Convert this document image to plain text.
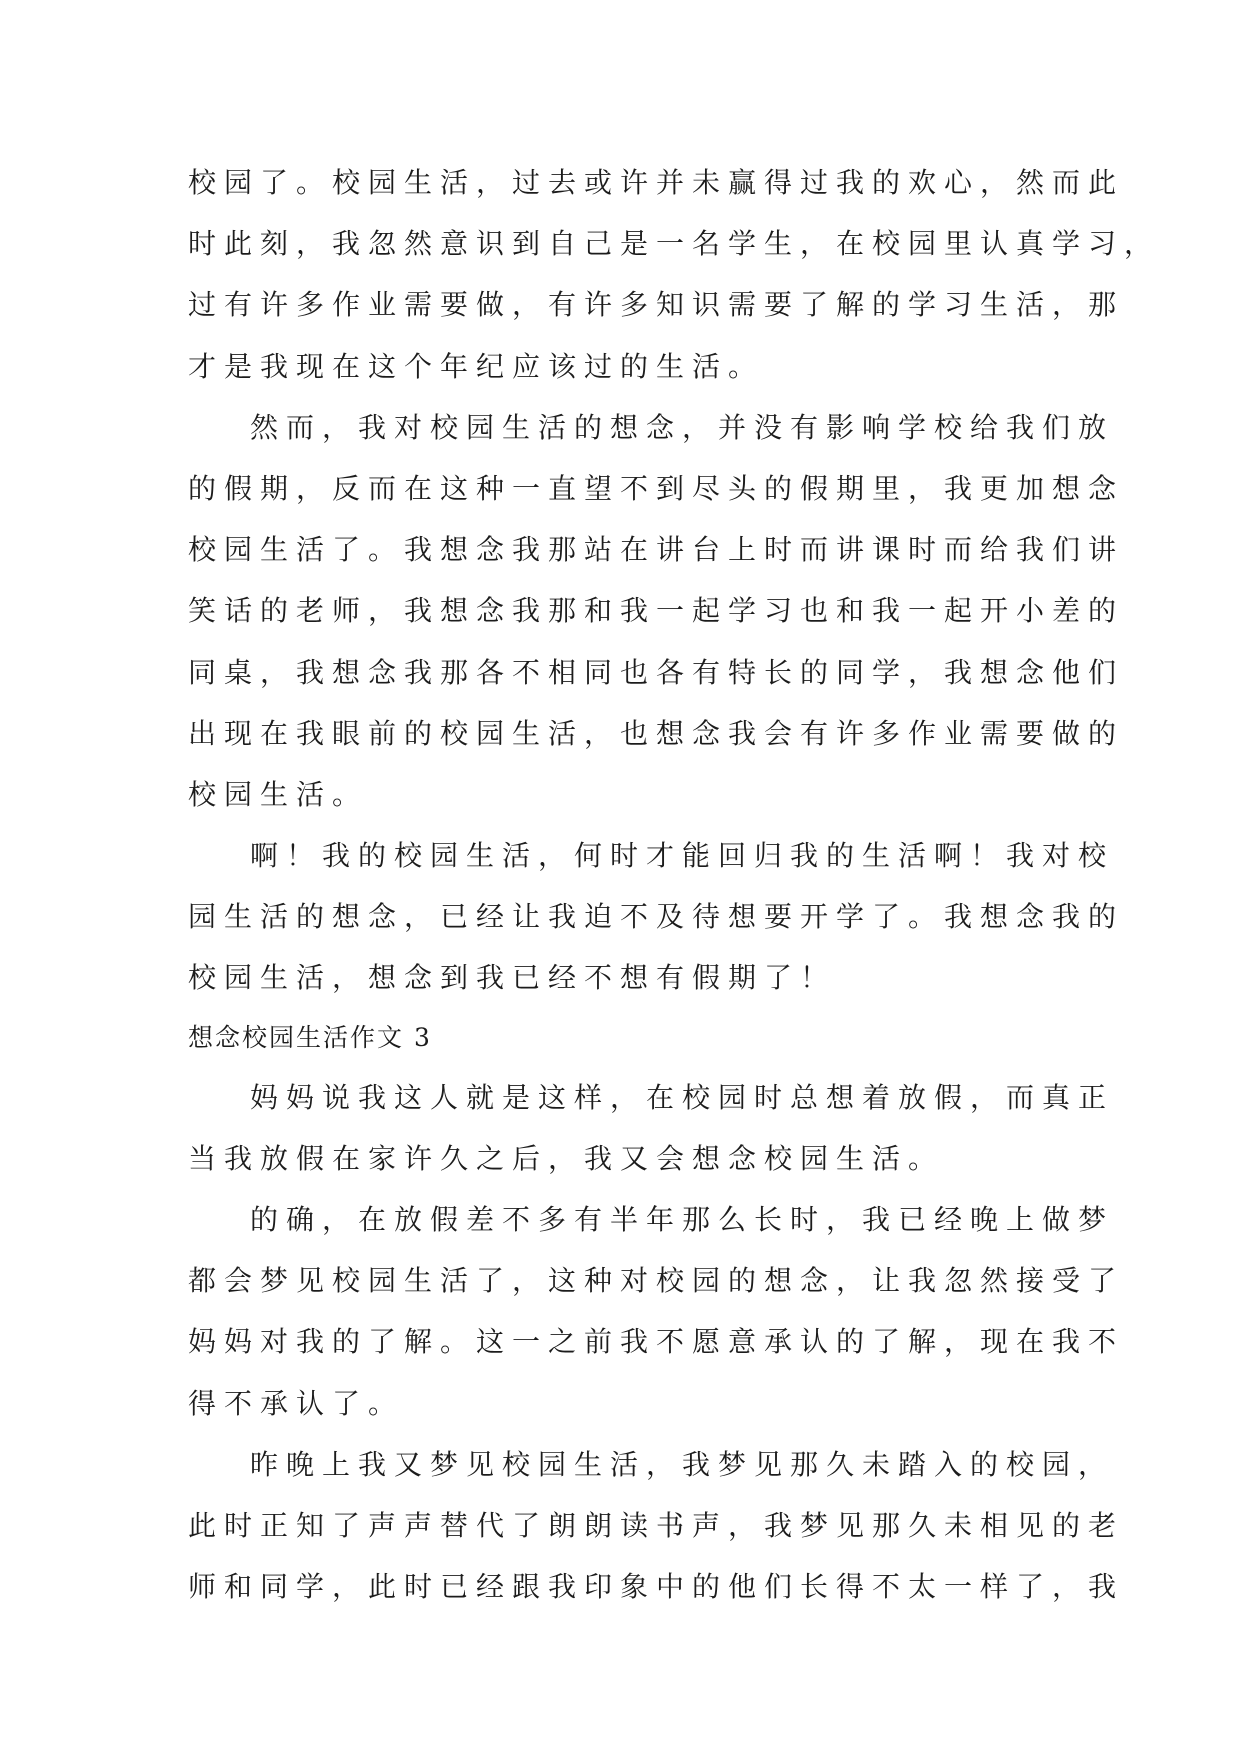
校园了。校园生活，过去或许并未赢得过我的欢心，然而此
时此刻，我忽然意识到自己是一名学生，在校园里认真学习，
过有许多作业需要做，有许多知识需要了解的学习生活，那
才是我现在这个年纪应该过的生活。
然而，我对校园生活的想念，并没有影响学校给我们放
的假期，反而在这种一直望不到尽头的假期里，我更加想念
校园生活了。我想念我那站在讲台上时而讲课时而给我们讲
笑话的老师，我想念我那和我一起学习也和我一起开小差的
同桌，我想念我那各不相同也各有特长的同学，我想念他们
出现在我眼前的校园生活，也想念我会有许多作业需要做的
校园生活。
啊！我的校园生活，何时才能回归我的生活啊！我对校
园生活的想念，已经让我迫不及待想要开学了。我想念我的
校园生活，想念到我已经不想有假期了！
想念校园生活作文 3
妈妈说我这人就是这样，在校园时总想着放假，而真正
当我放假在家许久之后，我又会想念校园生活。
的确，在放假差不多有半年那么长时，我已经晚上做梦
都会梦见校园生活了，这种对校园的想念，让我忽然接受了
妈妈对我的了解。这一之前我不愿意承认的了解，现在我不
得不承认了。
昨晚上我又梦见校园生活，我梦见那久未踏入的校园，
此时正知了声声替代了朗朗读书声，我梦见那久未相见的老
师和同学，此时已经跟我印象中的他们长得不太一样了，我
